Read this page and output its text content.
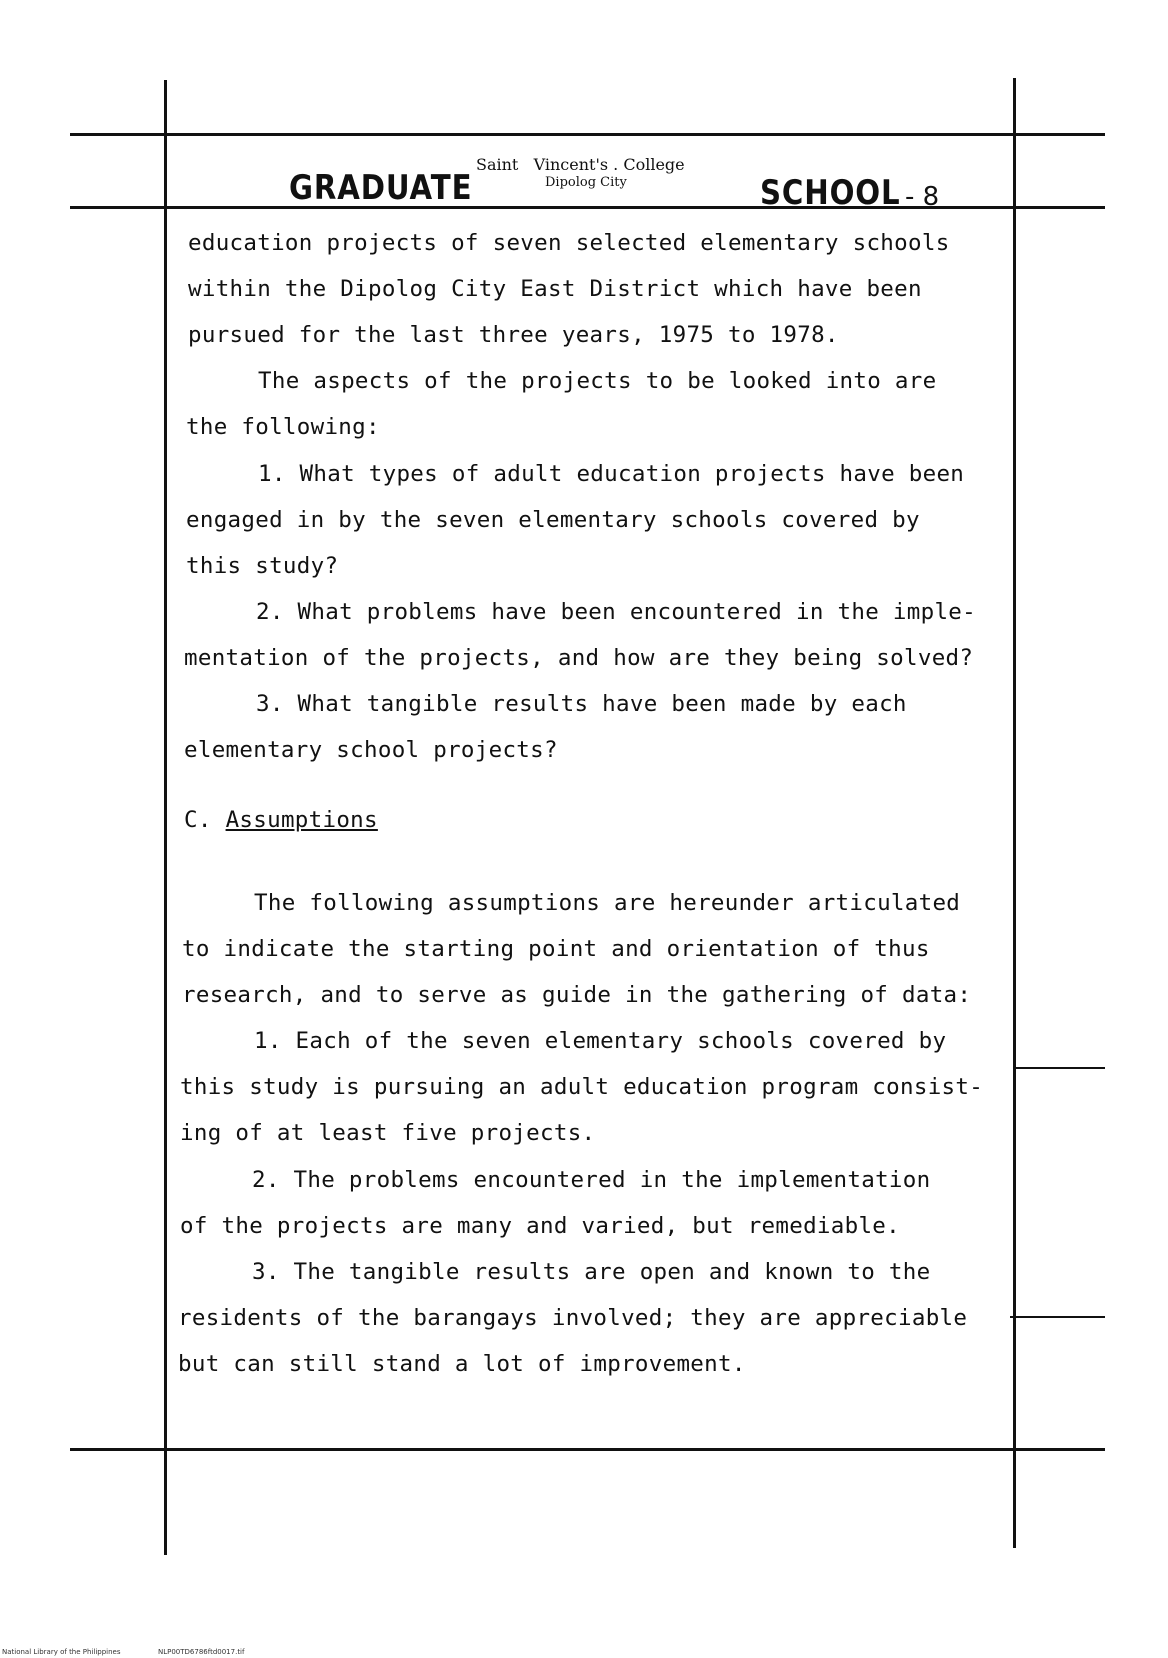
GRADUATE
Saint   Vincent's . College
Dipolog City	SCHOOL - 8
education projects of seven selected elementary schools
within the Dipolog City East District which have been
pursued for the last three years, 1975 to 1978.
The aspects of the projects to be looked into are
the following:
1. What types of adult education projects have been
engaged in by the seven elementary schools covered by
this study?
2. What problems have been encountered in the imple-
mentation of the projects, and how are they being solved?
3. What tangible results have been made by each
elementary school projects?
C. Assumptions
The following assumptions are hereunder articulated
to indicate the starting point and orientation of thus
research, and to serve as guide in the gathering of data:
1. Each of the seven elementary schools covered by
this study is pursuing an adult education program consist-
ing of at least five projects.
2. The problems encountered in the implementation
of the projects are many and varied, but remediable.
3. The tangible results are open and known to the
residents of the barangays involved; they are appreciable
but can still stand a lot of improvement.
National Library of the Philippines	NLP00TD6786ftd0017.tif
